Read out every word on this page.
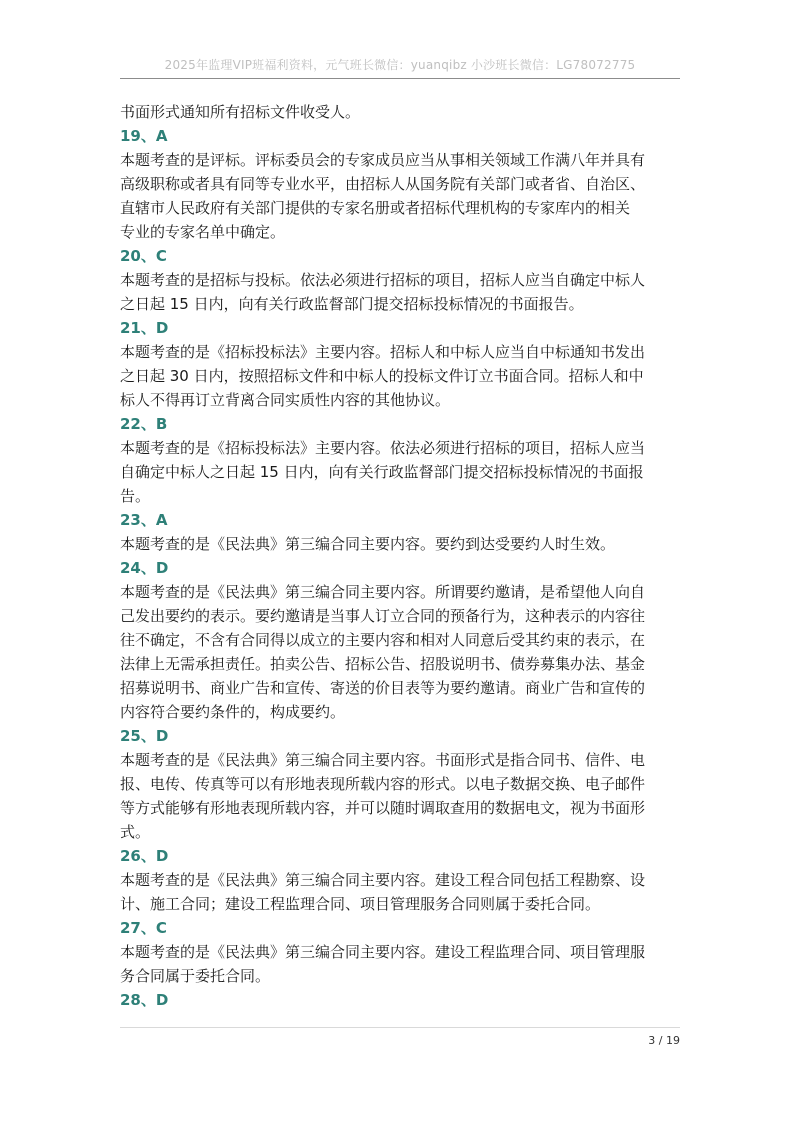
2025年监理VIP班福利资料，元气班长微信：yuanqibz 小沙班长微信：LG78072775

书面形式通知所有招标文件收受人。

19、A

本题考查的是评标。评标委员会的专家成员应当从事相关领域工作满八年并具有

高级职称或者具有同等专业水平，由招标人从国务院有关部门或者省、自治区、

直辖市人民政府有关部门提供的专家名册或者招标代理机构的专家库内的相关

专业的专家名单中确定。

20、C

本题考查的是招标与投标。依法必须进行招标的项目，招标人应当自确定中标人

之日起 15 日内，向有关行政监督部门提交招标投标情况的书面报告。

21、D

本题考查的是《招标投标法》主要内容。招标人和中标人应当自中标通知书发出

之日起 30 日内，按照招标文件和中标人的投标文件订立书面合同。招标人和中

标人不得再订立背离合同实质性内容的其他协议。

22、B

本题考查的是《招标投标法》主要内容。依法必须进行招标的项目，招标人应当

自确定中标人之日起 15 日内，向有关行政监督部门提交招标投标情况的书面报

告。

23、A

本题考查的是《民法典》第三编合同主要内容。要约到达受要约人时生效。

24、D

本题考查的是《民法典》第三编合同主要内容。所谓要约邀请，是希望他人向自

己发出要约的表示。要约邀请是当事人订立合同的预备行为，这种表示的内容往

往不确定，不含有合同得以成立的主要内容和相对人同意后受其约束的表示，在

法律上无需承担责任。拍卖公告、招标公告、招股说明书、债券募集办法、基金

招募说明书、商业广告和宣传、寄送的价目表等为要约邀请。商业广告和宣传的

内容符合要约条件的，构成要约。

25、D

本题考查的是《民法典》第三编合同主要内容。书面形式是指合同书、信件、电

报、电传、传真等可以有形地表现所载内容的形式。以电子数据交换、电子邮件

等方式能够有形地表现所载内容，并可以随时调取查用的数据电文，视为书面形

式。

26、D

本题考查的是《民法典》第三编合同主要内容。建设工程合同包括工程勘察、设

计、施工合同；建设工程监理合同、项目管理服务合同则属于委托合同。

27、C

本题考查的是《民法典》第三编合同主要内容。建设工程监理合同、项目管理服

务合同属于委托合同。

28、D

3 / 19
